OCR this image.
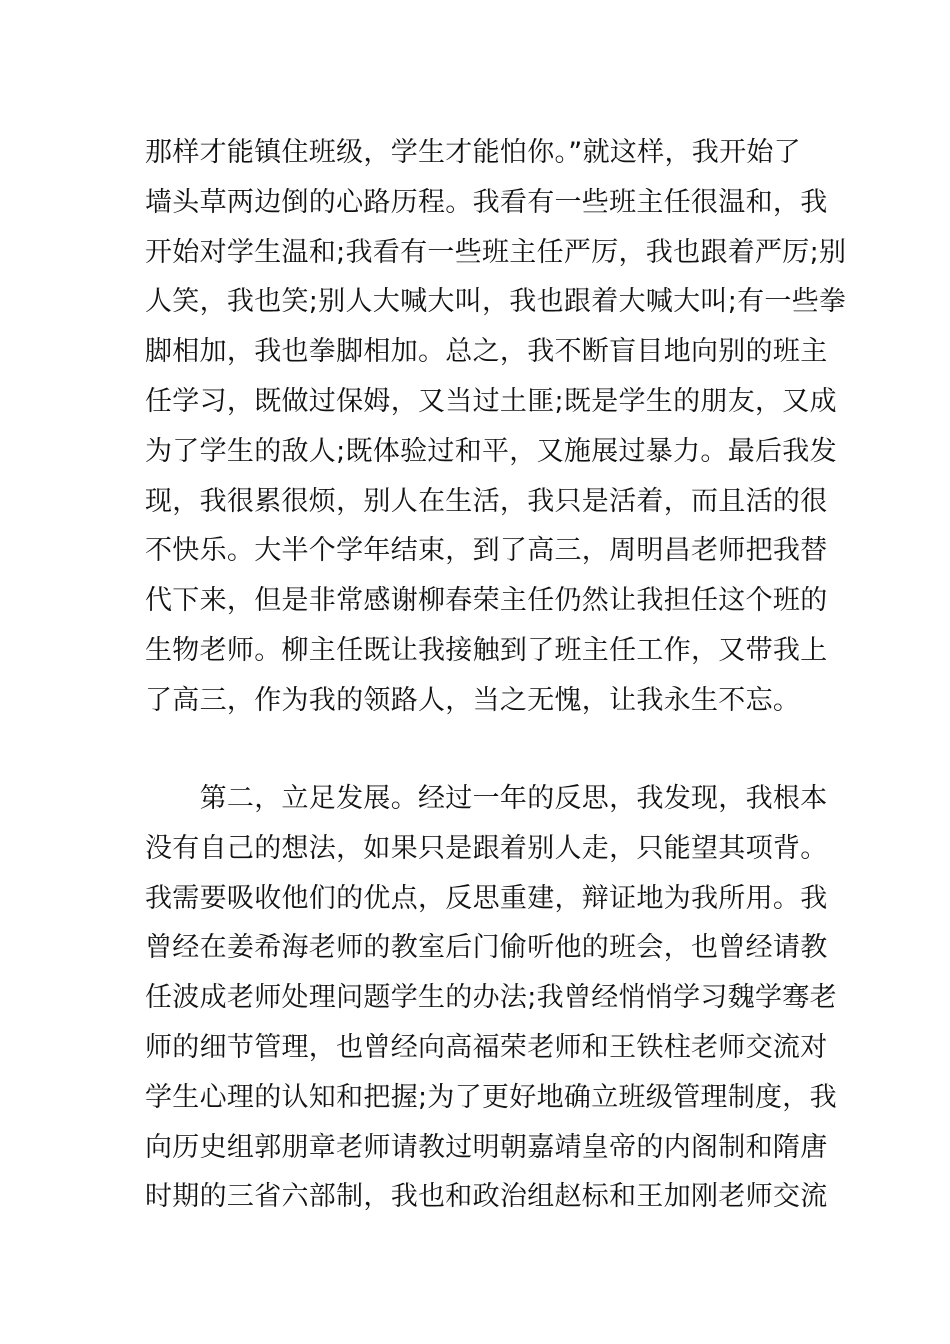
那样才能镇住班级，学生才能怕你。”就这样，我开始了
墙头草两边倒的心路历程。我看有一些班主任很温和，我
开始对学生温和;我看有一些班主任严厉，我也跟着严厉;别
人笑，我也笑;别人大喊大叫，我也跟着大喊大叫;有一些拳
脚相加，我也拳脚相加。总之，我不断盲目地向别的班主
任学习，既做过保姆，又当过土匪;既是学生的朋友，又成
为了学生的敌人;既体验过和平，又施展过暴力。最后我发
现，我很累很烦，别人在生活，我只是活着，而且活的很
不快乐。大半个学年结束，到了高三，周明昌老师把我替
代下来，但是非常感谢柳春荣主任仍然让我担任这个班的
生物老师。柳主任既让我接触到了班主任工作，又带我上
了高三，作为我的领路人，当之无愧，让我永生不忘。
　　第二，立足发展。经过一年的反思，我发现，我根本
没有自己的想法，如果只是跟着别人走，只能望其项背。
我需要吸收他们的优点，反思重建，辩证地为我所用。我
曾经在姜希海老师的教室后门偷听他的班会，也曾经请教
任波成老师处理问题学生的办法;我曾经悄悄学习魏学骞老
师的细节管理，也曾经向高福荣老师和王铁柱老师交流对
学生心理的认知和把握;为了更好地确立班级管理制度，我
向历史组郭朋章老师请教过明朝嘉靖皇帝的内阁制和隋唐
时期的三省六部制，我也和政治组赵标和王加刚老师交流
